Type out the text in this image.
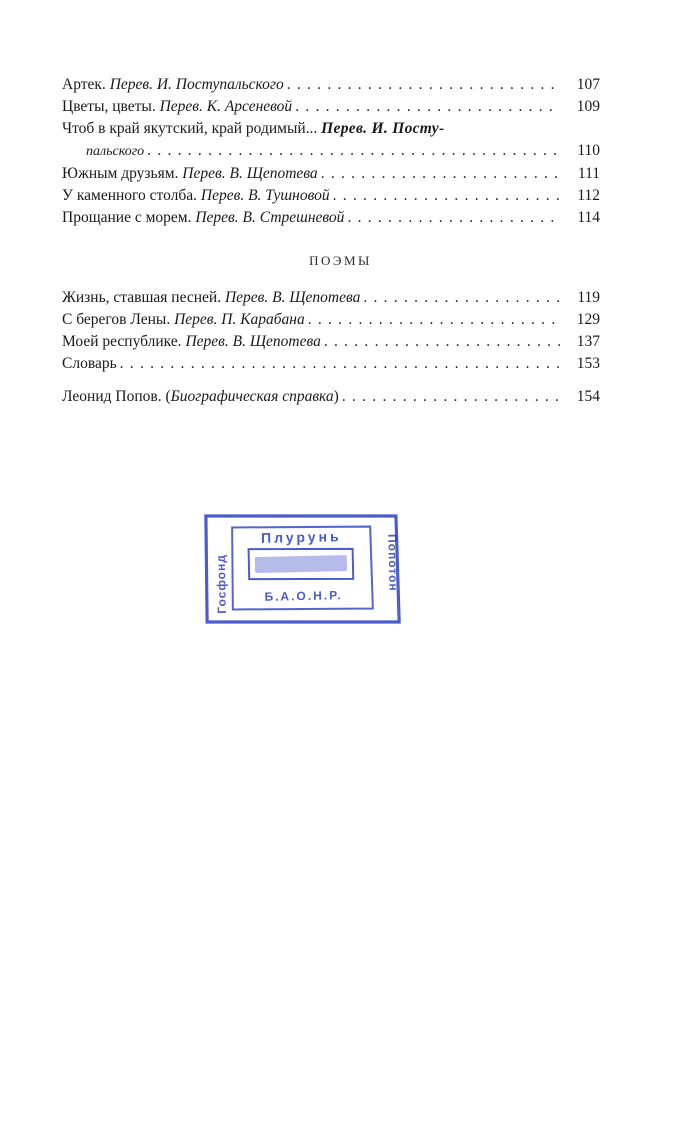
Артек. Перев. И. Поступальского . . .	107
Цветы, цветы. Перев. К. Арсеневой . . .	109
Чтоб в край якутский, край родимый... Перев. И. Посту-
пальского . . .	110
Южным друзьям. Перев. В. Щепотева . . .	111
У каменного столба. Перев. В. Тушновой . . .	112
Прощание с морем. Перев. В. Стрешневой . . .	114
ПОЭМЫ
Жизнь, ставшая песней. Перев. В. Щепотева . . .	119
С берегов Лены. Перев. П. Карабана . . .	129
Моей республике. Перев. В. Щепотева . . .	137
Словарь . . .	153
Леонид Попов. (Биографическая справка) . . .	154
Плурунь
Б.А.О.Н.Р.
Госфонд	Попотон
